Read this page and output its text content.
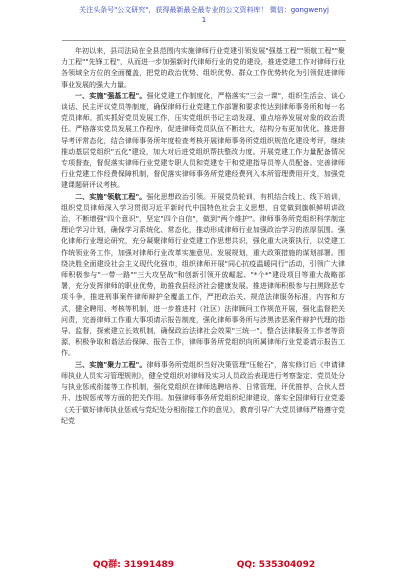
关注头条号"公文研究"，获得最新最全最专业的公文资料库！ 微信：gongwenyj
1

年初以来，县司法局在全县范围内实施律师行业党建引领发展"强基工程""领航工程""聚力工程""先锋工程"，从而进一步加强新时代律师行业的党的建设，推进党建工作对律师行业各领域全方位的全面覆盖，把党的政治优势、组织优势、群众工作优势转化为引领促进律师事业发展的强大力量。

一、实施"强基工程"。强化党建工作制度化，严格落实"三会一课"，组织生活会、谈心谈话、民主评议党员等制度，确保律师行业党建工作部署和要求传达到律师事务所和每一名党员律师。抓实抓好党员发展工作，压实党组织书记主动发现、重点培养发展对象的政治责任。严格落实党员发展工作程序，促进律师党员队伍不断壮大，结构分布更加优化。推进督导考评常态化，结合律师事务所年度检查考核开展律师事务所党组织规范化建设考评，继续推动基层党组织"五化"建设，加大对后进党组织帮扶整改力度。开展党建工作力量配备情况专项督查，督促落实律师行业党建专职人员和党建专干和党建指导员等人员配备。完善律师行业党建工作经费保障机制，督促落实律师事务所党建经费列入本所管理费用开支，加强党建课题研评议考核。

二、实施"领航工程"。强化思想政治引领。开展党员轮训，有机结合线上、线下培训，组织党员律师深入学习贯彻习近平新时代中国特色社会主义思想，自觉做到旗帜鲜明讲政治，不断增强"四个意识"，坚定"四个自信"，做到"两个维护"。律师事务所党组织科学制定理论学习计划，确保学习系统化、常态化，推动形成律师行业加强政治学习的浓厚氛围。强化律师行业理论研究，充分凝聚律师行业党建工作思想共识，强化重大决策执行，以党建工作统领业务工作，加强对律师行业改革实施意见、发展规划，重大政策措施的谋划部署。围绕决胜全面建设社会主义现代化强市，组织律师开展"同心抗疫温暖同行"活动，引领广大律师积极参与"一带一路""三大攻坚战"和创新引领开放崛起、"*个*"建设项目等重大战略部署，充分发挥律师的职业优势，助推我县经济社会健康发展。推进律师积极参与扫黑除恶专项斗争，推进刑事案件律师辩护全覆盖工作，严把政治关、规范法律服务标准，内容和方式，健全聘用、考核等机制，进一步推进村（社区）法律顾问工作规范开展，强化监督把关问责，完善律师工作重大事项请示报告制度，强化律师事务所与涉黑涉恶案件辩护代理的指导、监督，探索建立长效机制，确保政治法律社会效果"三统一"。整合法律服务工作者等资源，积极争取和谐法治保障、报告工作，律师事务所党组织向所属律师行业党委请示报告工作。

三、实施"聚力工程"。律师事务所党组织当好决策管理"压舱石"，落实修订后《申请律师执业人员实习管理规则》，健全党组织对律师及实习人员政治表现进行考察鉴定、党员处分与执业惩戒衔接等工作机制，强化党组织在律师选聘培养、日常管理、评优推荐、合伙人晋升、违规惩戒等方面的把关作用。加强律师事务所党组织纪律建设，落实全国律师行业党委《关于做好律师执业惩戒与党纪处分相衔接工作的意见》，教育引导广大党员律师严格遵守党纪党

QQ群: 31991489	QQ: 535304092
